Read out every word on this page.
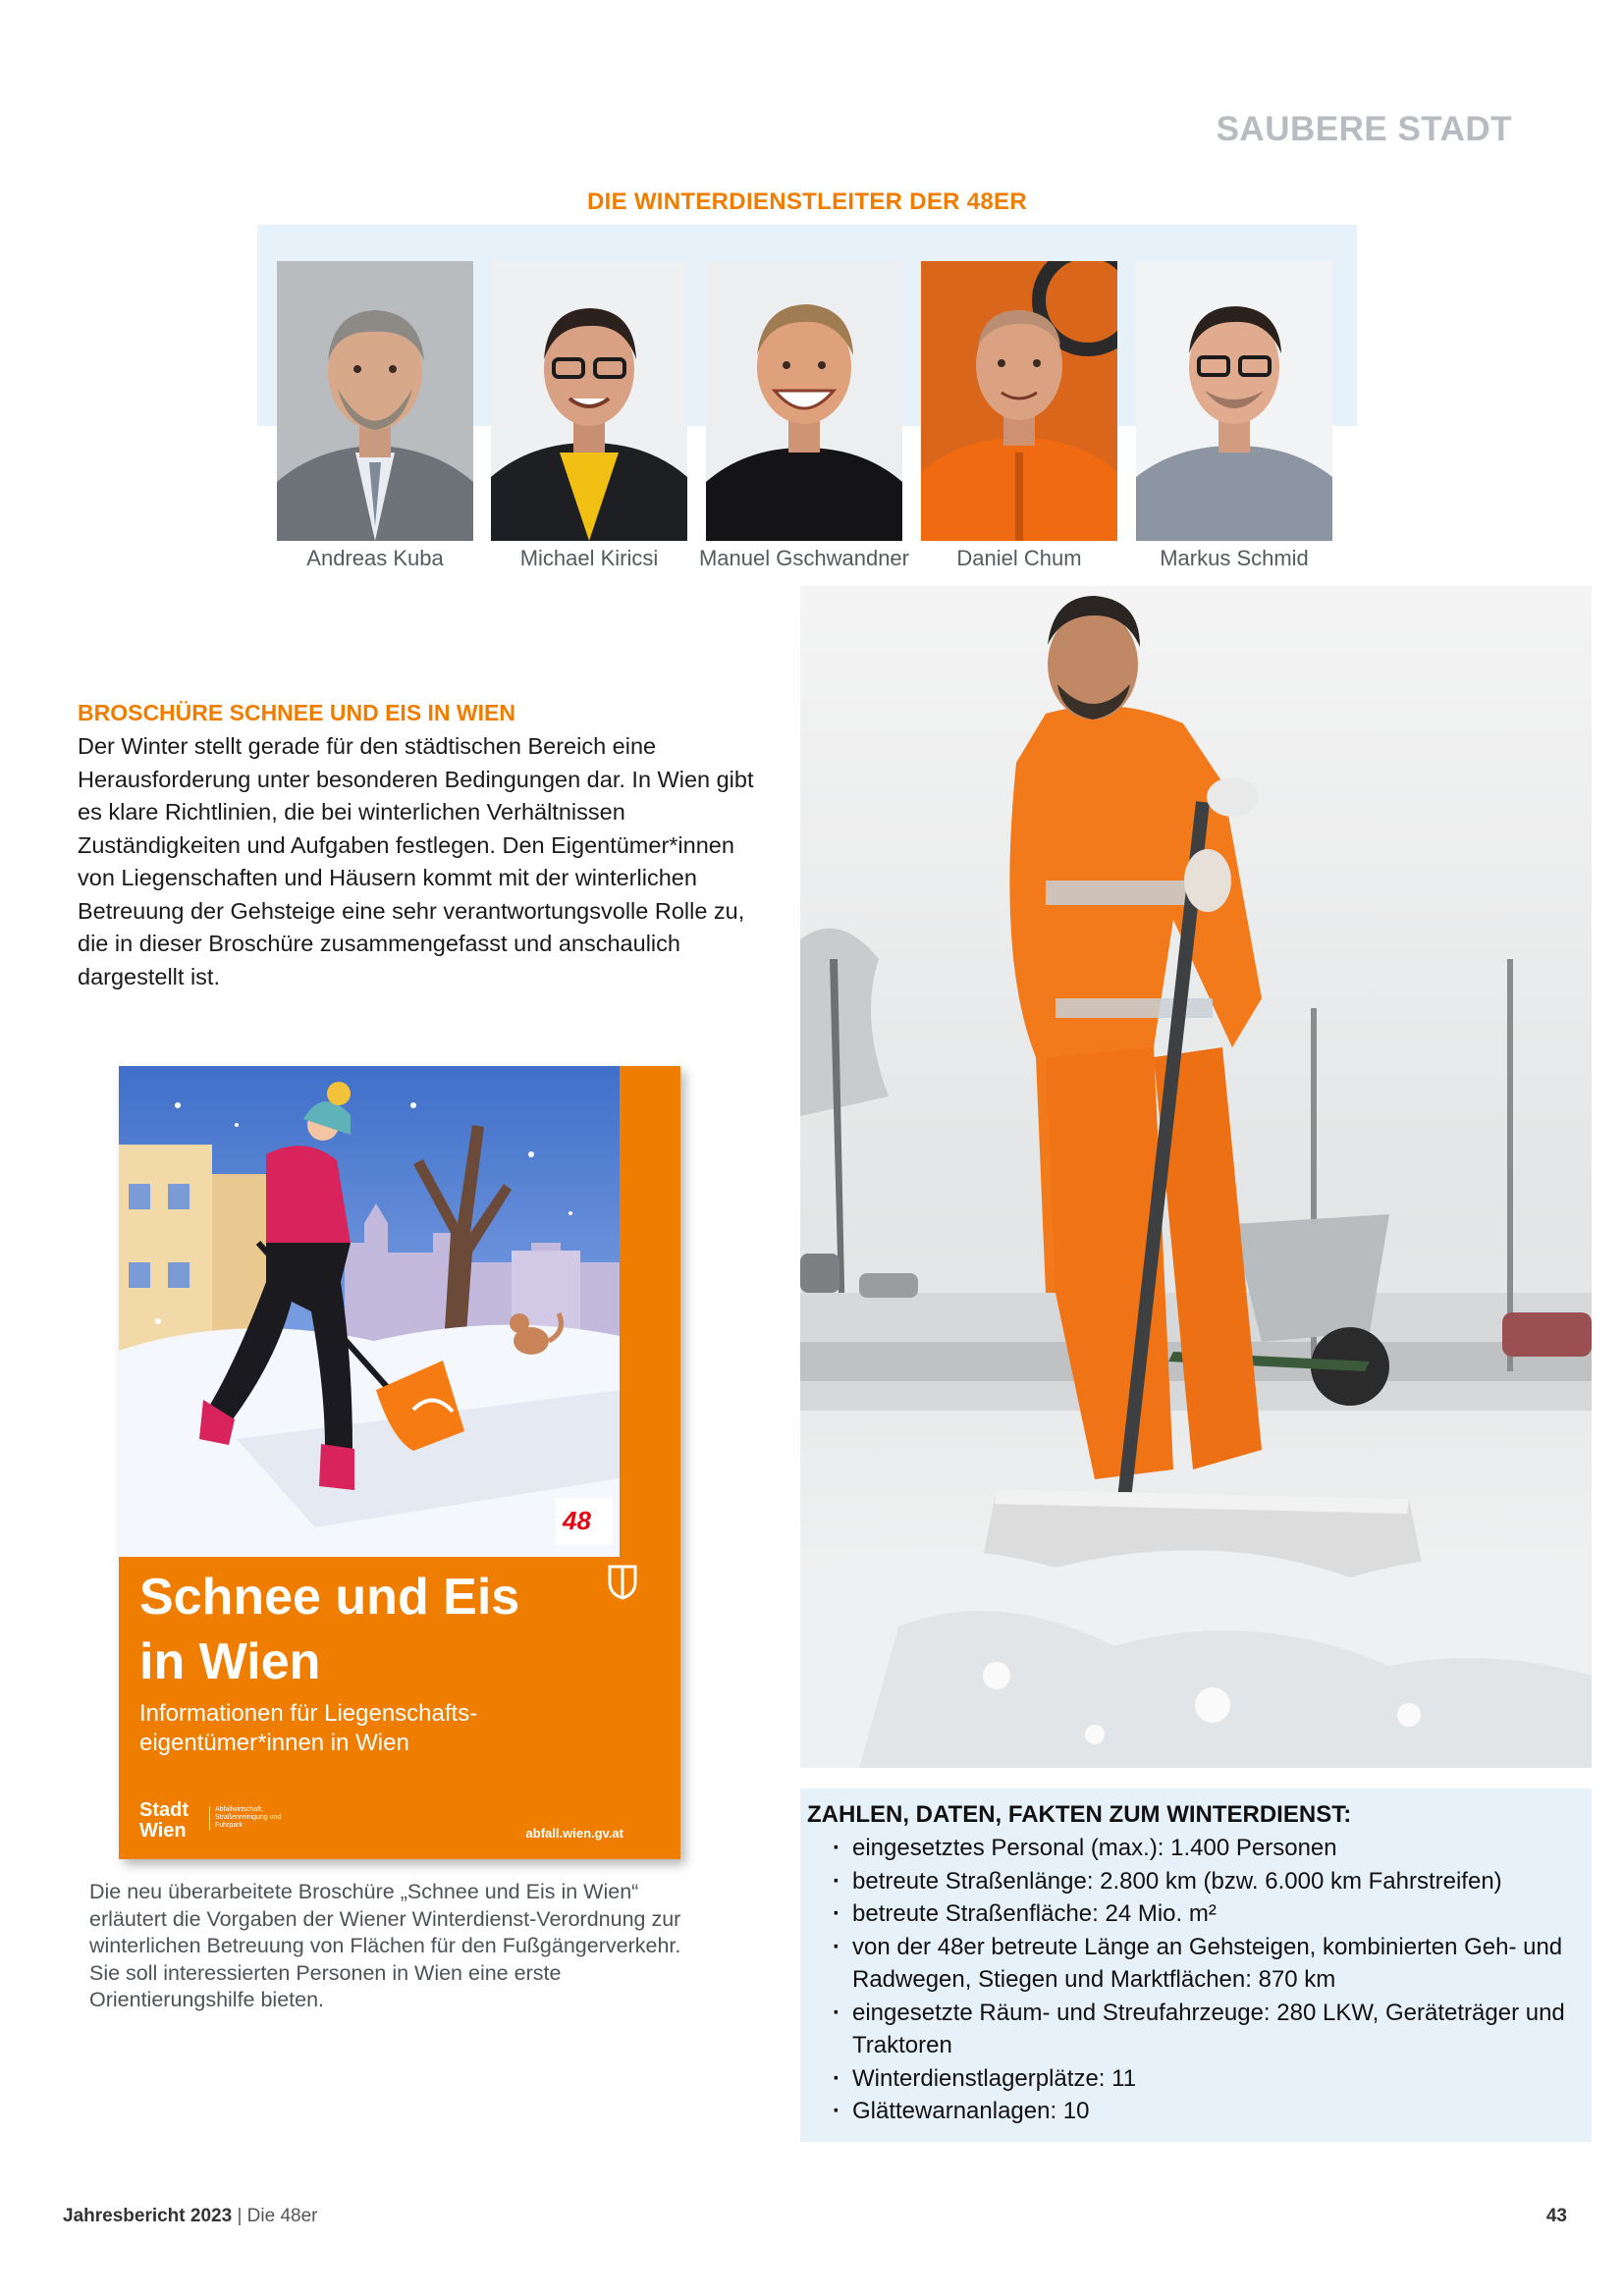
SAUBERE STADT
DIE WINTERDIENSTLEITER DER 48ER
Andreas Kuba	Michael Kiricsi	Manuel Gschwandner	Daniel Chum	Markus Schmid
BROSCHÜRE SCHNEE UND EIS IN WIEN
Der Winter stellt gerade für den städtischen Bereich eine Herausforderung unter besonderen Bedingungen dar. In Wien gibt es klare Richtlinien, die bei winterlichen Verhältnissen Zuständigkeiten und Aufgaben festlegen. Den Eigentümer*innen von Liegenschaften und Häusern kommt mit der winterlichen Betreuung der Gehsteige eine sehr verantwortungsvolle Rolle zu, die in dieser Broschüre zusammengefasst und anschaulich dargestellt ist.
48
Schnee und Eis
in Wien
Informationen für Liegenschafts-
eigentümer*innen in Wien
Stadt
Wien
Abfallwirtschaft, Straßenreinigung und Fuhrpark
abfall.wien.gv.at
Die neu überarbeitete Broschüre „Schnee und Eis in Wien“ erläutert die Vorgaben der Wiener Winterdienst-Verordnung zur winterlichen Betreuung von Flächen für den Fußgängerverkehr. Sie soll interessierten Personen in Wien eine erste Orientierungshilfe bieten.
ZAHLEN, DATEN, FAKTEN ZUM WINTERDIENST:
· eingesetztes Personal (max.): 1.400 Personen
· betreute Straßenlänge: 2.800 km (bzw. 6.000 km Fahrstreifen)
· betreute Straßenfläche: 24 Mio. m²
· von der 48er betreute Länge an Gehsteigen, kombinierten Geh- und Radwegen, Stiegen und Marktflächen: 870 km
· eingesetzte Räum- und Streufahrzeuge: 280 LKW, Geräteträger und Traktoren
· Winterdienstlagerplätze: 11
· Glättewarnanlagen: 10
Jahresbericht 2023 | Die 48er	43
